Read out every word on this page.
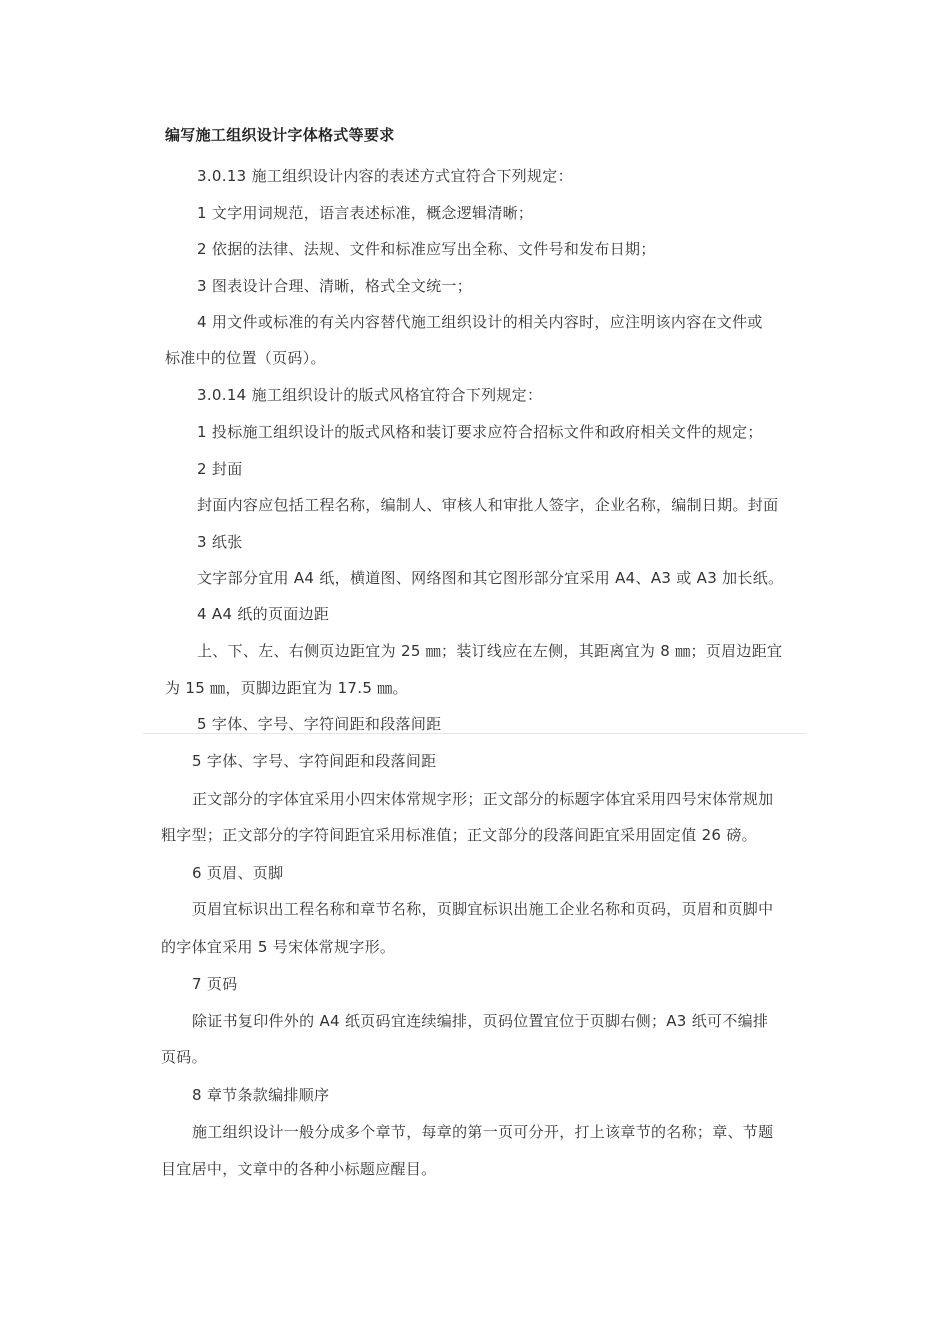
编写施工组织设计字体格式等要求
3.0.13 施工组织设计内容的表述方式宜符合下列规定：
1 文字用词规范，语言表述标准，概念逻辑清晰；
2 依据的法律、法规、文件和标准应写出全称、文件号和发布日期；
3 图表设计合理、清晰，格式全文统一；
4 用文件或标准的有关内容替代施工组织设计的相关内容时，应注明该内容在文件或
标准中的位置（页码）。
3.0.14 施工组织设计的版式风格宜符合下列规定：
1 投标施工组织设计的版式风格和装订要求应符合招标文件和政府相关文件的规定；
2 封面
封面内容应包括工程名称，编制人、审核人和审批人签字，企业名称，编制日期。封面
3 纸张
文字部分宜用 A4 纸，横道图、网络图和其它图形部分宜采用 A4、A3 或 A3 加长纸。
4 A4 纸的页面边距
上、下、左、右侧页边距宜为 25 ㎜；装订线应在左侧，其距离宜为 8 ㎜；页眉边距宜
为 15 ㎜，页脚边距宜为 17.5 ㎜。
5 字体、字号、字符间距和段落间距
5 字体、字号、字符间距和段落间距
正文部分的字体宜采用小四宋体常规字形；正文部分的标题字体宜采用四号宋体常规加
粗字型；正文部分的字符间距宜采用标准值；正文部分的段落间距宜采用固定值 26 磅。
6 页眉、页脚
页眉宜标识出工程名称和章节名称，页脚宜标识出施工企业名称和页码，页眉和页脚中
的字体宜采用 5 号宋体常规字形。
7 页码
除证书复印件外的 A4 纸页码宜连续编排，页码位置宜位于页脚右侧；A3 纸可不编排
页码。
8 章节条款编排顺序
施工组织设计一般分成多个章节，每章的第一页可分开，打上该章节的名称；章、节题
目宜居中，文章中的各种小标题应醒目。
